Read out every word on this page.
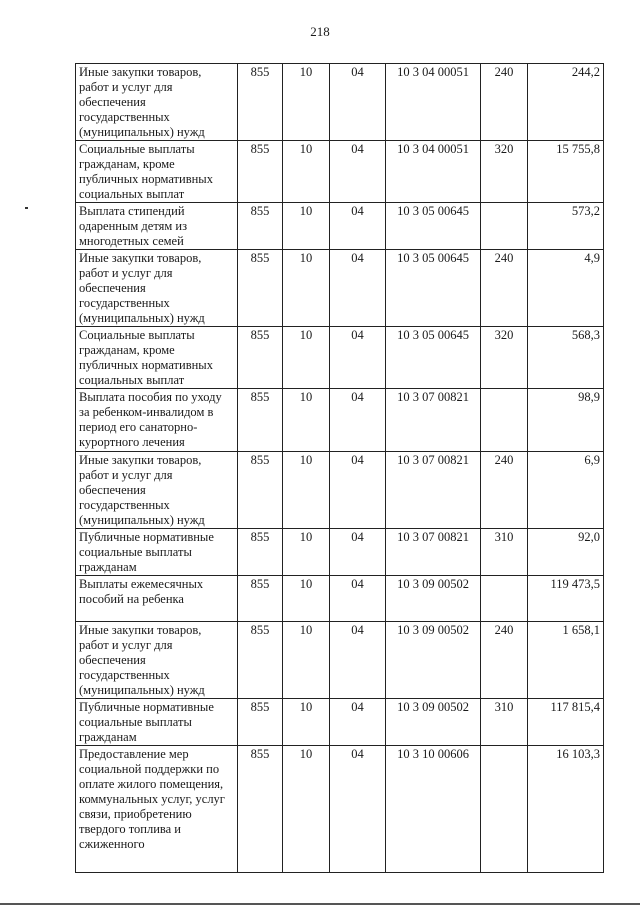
218
Иные закупки товаров, работ и услуг для обеспечения государственных (муниципальных) нужд	855	10	04	10 3 04 00051	240	244,2
Социальные выплаты гражданам, кроме публичных нормативных социальных выплат	855	10	04	10 3 04 00051	320	15 755,8
Выплата стипендий одаренным детям из многодетных семей	855	10	04	10 3 05 00645		573,2
Иные закупки товаров, работ и услуг для обеспечения государственных (муниципальных) нужд	855	10	04	10 3 05 00645	240	4,9
Социальные выплаты гражданам, кроме публичных нормативных социальных выплат	855	10	04	10 3 05 00645	320	568,3
Выплата пособия по уходу за ребенком-инвалидом в период его санаторно-курортного лечения	855	10	04	10 3 07 00821		98,9
Иные закупки товаров, работ и услуг для обеспечения государственных (муниципальных) нужд	855	10	04	10 3 07 00821	240	6,9
Публичные нормативные социальные выплаты гражданам	855	10	04	10 3 07 00821	310	92,0
Выплаты ежемесячных пособий на ребенка	855	10	04	10 3 09 00502		119 473,5
Иные закупки товаров, работ и услуг для обеспечения государственных (муниципальных) нужд	855	10	04	10 3 09 00502	240	1 658,1
Публичные нормативные социальные выплаты гражданам	855	10	04	10 3 09 00502	310	117 815,4
Предоставление мер социальной поддержки по оплате жилого помещения, коммунальных услуг, услуг связи, приобретению твердого топлива и сжиженного	855	10	04	10 3 10 00606		16 103,3
